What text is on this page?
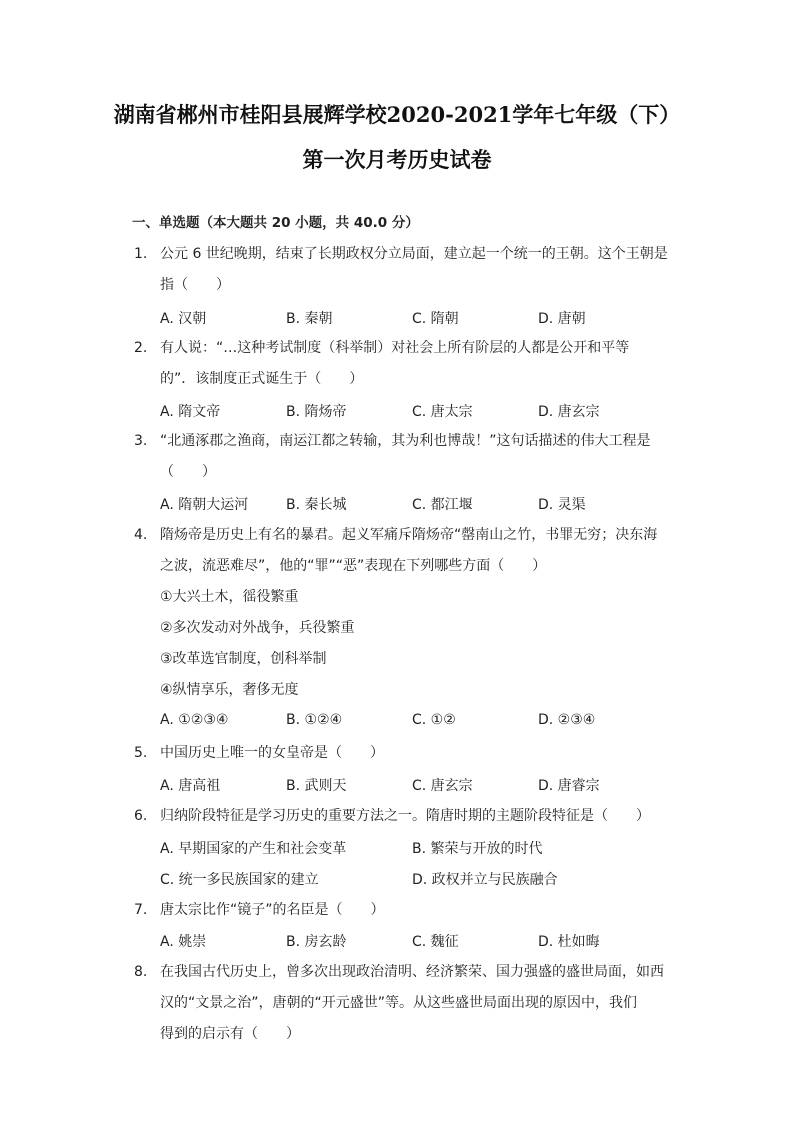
湖南省郴州市桂阳县展辉学校2020-2021学年七年级（下）
第一次月考历史试卷
一、单选题（本大题共 20 小题，共 40.0 分）
1. 公元 6 世纪晚期，结束了长期政权分立局面，建立起一个统一的王朝。这个王朝是
指（　　）
A. 汉朝	B. 秦朝	C. 隋朝	D. 唐朝
2. 有人说：“…这种考试制度（科举制）对社会上所有阶层的人都是公开和平等
的”．该制度正式诞生于（　　）
A. 隋文帝	B. 隋炀帝	C. 唐太宗	D. 唐玄宗
3. “北通涿郡之渔商，南运江都之转输，其为利也博哉！”这句话描述的伟大工程是
（　　）
A. 隋朝大运河	B. 秦长城	C. 都江堰	D. 灵渠
4. 隋炀帝是历史上有名的暴君。起义军痛斥隋炀帝“罄南山之竹，书罪无穷；决东海
之波，流恶难尽”，他的“罪”“恶”表现在下列哪些方面（　　）
①大兴土木，徭役繁重
②多次发动对外战争，兵役繁重
③改革选官制度，创科举制
④纵情享乐，奢侈无度
A. ①②③④	B. ①②④	C. ①②	D. ②③④
5. 中国历史上唯一的女皇帝是（　　）
A. 唐高祖	B. 武则天	C. 唐玄宗	D. 唐睿宗
6. 归纳阶段特征是学习历史的重要方法之一。隋唐时期的主题阶段特征是（　　）
A. 早期国家的产生和社会变革	B. 繁荣与开放的时代
C. 统一多民族国家的建立	D. 政权并立与民族融合
7. 唐太宗比作“镜子”的名臣是（　　）
A. 姚崇	B. 房玄龄	C. 魏征	D. 杜如晦
8. 在我国古代历史上，曾多次出现政治清明、经济繁荣、国力强盛的盛世局面，如西
汉的“文景之治”，唐朝的“开元盛世”等。从这些盛世局面出现的原因中，我们
得到的启示有（　　）
